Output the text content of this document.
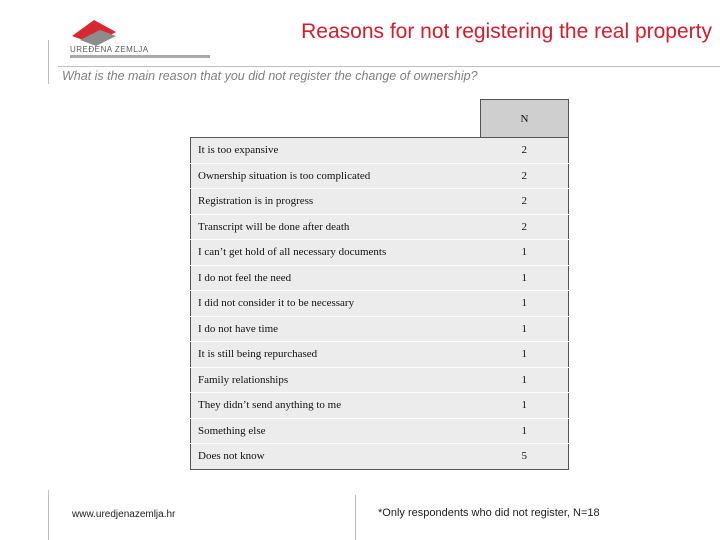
UREĐENA ZEMLJA
Reasons for not registering the real property
What is the main reason that you did not register the change of ownership?
	N
It is too expansive	2
Ownership situation is too complicated	2
Registration is in progress	2
Transcript will be done after death	2
I can’t get hold of all necessary documents	1
I do not feel the need	1
I did not consider it to be necessary	1
I do not have time	1
It is still being repurchased	1
Family relationships	1
They didn’t send anything to me	1
Something else	1
Does not know	5
www.uredjenazemlja.hr	*Only respondents who did not register, N=18
